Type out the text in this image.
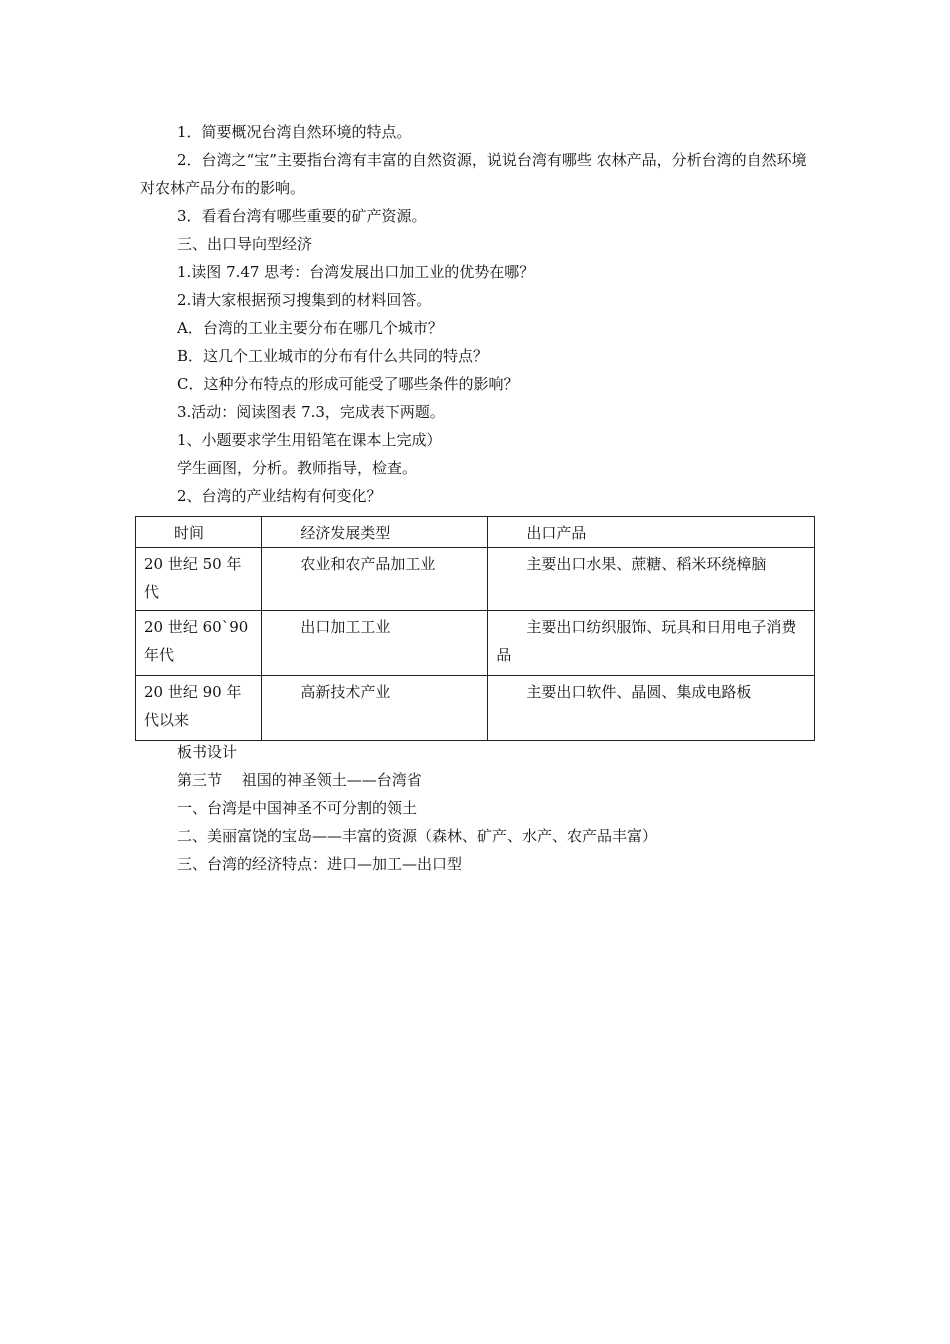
1．简要概况台湾自然环境的特点。

2．台湾之“宝”主要指台湾有丰富的自然资源，说说台湾有哪些 农林产品，分析台湾的自然环境对农林产品分布的影响。

3．看看台湾有哪些重要的矿产资源。

三、出口导向型经济

1.读图 7.47 思考：台湾发展出口加工业的优势在哪？

2.请大家根据预习搜集到的材料回答。

A．台湾的工业主要分布在哪几个城市？

B．这几个工业城市的分布有什么共同的特点？

C．这种分布特点的形成可能受了哪些条件的影响？

3.活动：阅读图表 7.3，完成表下两题。

1、小题要求学生用铅笔在课本上完成）

学生画图，分析。教师指导，检查。

2、台湾的产业结构有何变化？

时间	经济发展类型	出口产品
20 世纪 50 年代	农业和农产品加工业	主要出口水果、蔗糖、稻米环绕樟脑
20 世纪 60`90 年代	出口加工工业	主要出口纺织服饰、玩具和日用电子消费品
20 世纪 90 年代以来	高新技术产业	主要出口软件、晶圆、集成电路板

板书设计

第三节　 祖国的神圣领土——台湾省

一、台湾是中国神圣不可分割的领土

二、美丽富饶的宝岛——丰富的资源（森林、矿产、水产、农产品丰富）

三、台湾的经济特点：进口—加工—出口型
